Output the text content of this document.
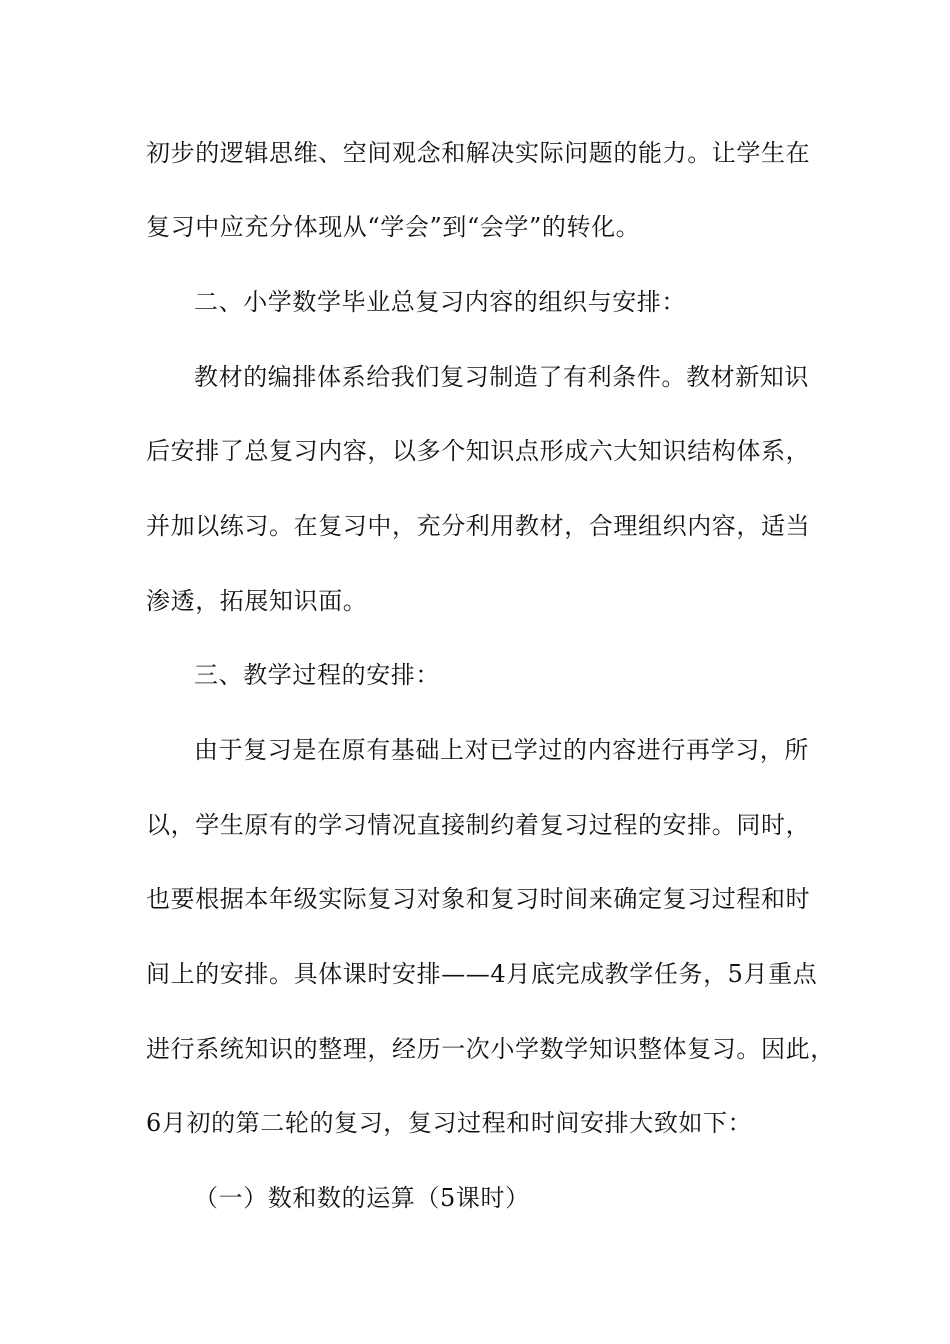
初步的逻辑思维、空间观念和解决实际问题的能力。让学生在
复习中应充分体现从“学会”到“会学”的转化。
二、小学数学毕业总复习内容的组织与安排：
教材的编排体系给我们复习制造了有利条件。教材新知识
后安排了总复习内容，以多个知识点形成六大知识结构体系，
并加以练习。在复习中，充分利用教材，合理组织内容，适当
渗透，拓展知识面。
三、教学过程的安排：
由于复习是在原有基础上对已学过的内容进行再学习，所
以，学生原有的学习情况直接制约着复习过程的安排。同时，
也要根据本年级实际复习对象和复习时间来确定复习过程和时
间上的安排。具体课时安排——4月底完成教学任务，5月重点
进行系统知识的整理，经历一次小学数学知识整体复习。因此，
6月初的第二轮的复习，复习过程和时间安排大致如下：
（一）数和数的运算（5课时）
